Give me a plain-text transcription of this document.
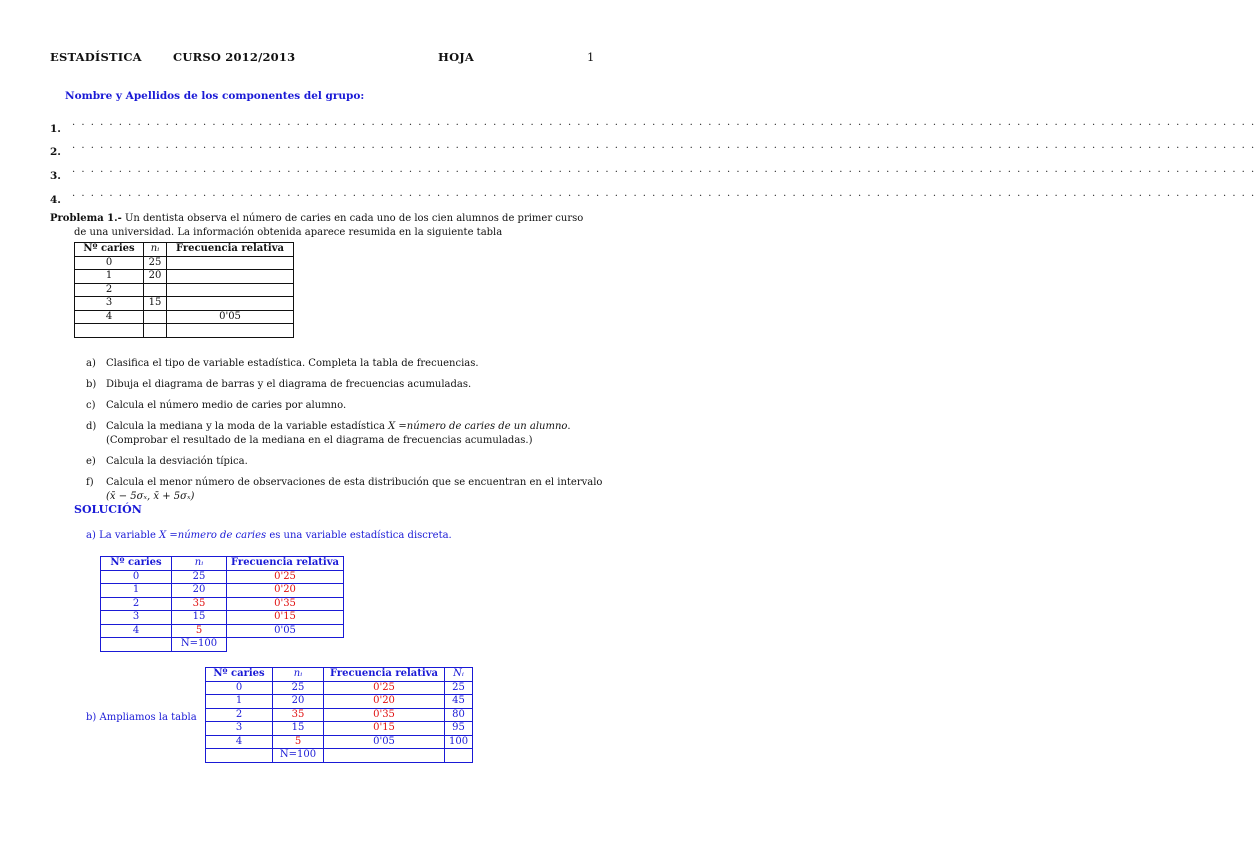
ESTADÍSTICA	CURSO 2012/2013	HOJA	1
Nombre y Apellidos de los componentes del grupo:
1.
. . . . . . . . . . . . . . . . . . . . . . . . . . . . . . . . . . . . . . . . . . . . . . . . . . . . . . . . . . . . . . . . . . . . . . . . . . . . . . . . . . . . . . . . . . . . . . . . . . . . . . . . . . . . . . . . . . . . . . . . . . . . . . .
2.
. . . . . . . . . . . . . . . . . . . . . . . . . . . . . . . . . . . . . . . . . . . . . . . . . . . . . . . . . . . . . . . . . . . . . . . . . . . . . . . . . . . . . . . . . . . . . . . . . . . . . . . . . . . . . . . . . . . . . . . . . . . . . . .
3.
. . . . . . . . . . . . . . . . . . . . . . . . . . . . . . . . . . . . . . . . . . . . . . . . . . . . . . . . . . . . . . . . . . . . . . . . . . . . . . . . . . . . . . . . . . . . . . . . . . . . . . . . . . . . . . . . . . . . . . . . . . . . . . .
4.
. . . . . . . . . . . . . . . . . . . . . . . . . . . . . . . . . . . . . . . . . . . . . . . . . . . . . . . . . . . . . . . . . . . . . . . . . . . . . . . . . . . . . . . . . . . . . . . . . . . . . . . . . . . . . . . . . . . . . . . . . . . . . . .
Problema 1.- Un dentista observa el número de caries en cada uno de los cien alumnos de primer curso
de una universidad. La información obtenida aparece resumida en la siguiente tabla
Nº caries	nᵢ	Frecuencia relativa
0	25	
1	20	
2		
3	15	
4		0'05

a) Clasifica el tipo de variable estadística. Completa la tabla de frecuencias.
b) Dibuja el diagrama de barras y el diagrama de frecuencias acumuladas.
c) Calcula el número medio de caries por alumno.
d) Calcula la mediana y la moda de la variable estadística X =número de caries de un alumno.
(Comprobar el resultado de la mediana en el diagrama de frecuencias acumuladas.)
e) Calcula la desviación típica.
f) Calcula el menor número de observaciones de esta distribución que se encuentran en el intervalo
(x̄ − 5σₓ, x̄ + 5σₓ)
SOLUCIÓN
a) La variable X =número de caries es una variable estadística discreta.
Nº caries	nᵢ	Frecuencia relativa
0	25	0'25
1	20	0'20
2	35	0'35
3	15	0'15
4	5	0'05
	N=100	
b) Ampliamos la tabla
Nº caries	nᵢ	Frecuencia relativa	Nᵢ
0	25	0'25	25
1	20	0'20	45
2	35	0'35	80
3	15	0'15	95
4	5	0'05	100
	N=100		
